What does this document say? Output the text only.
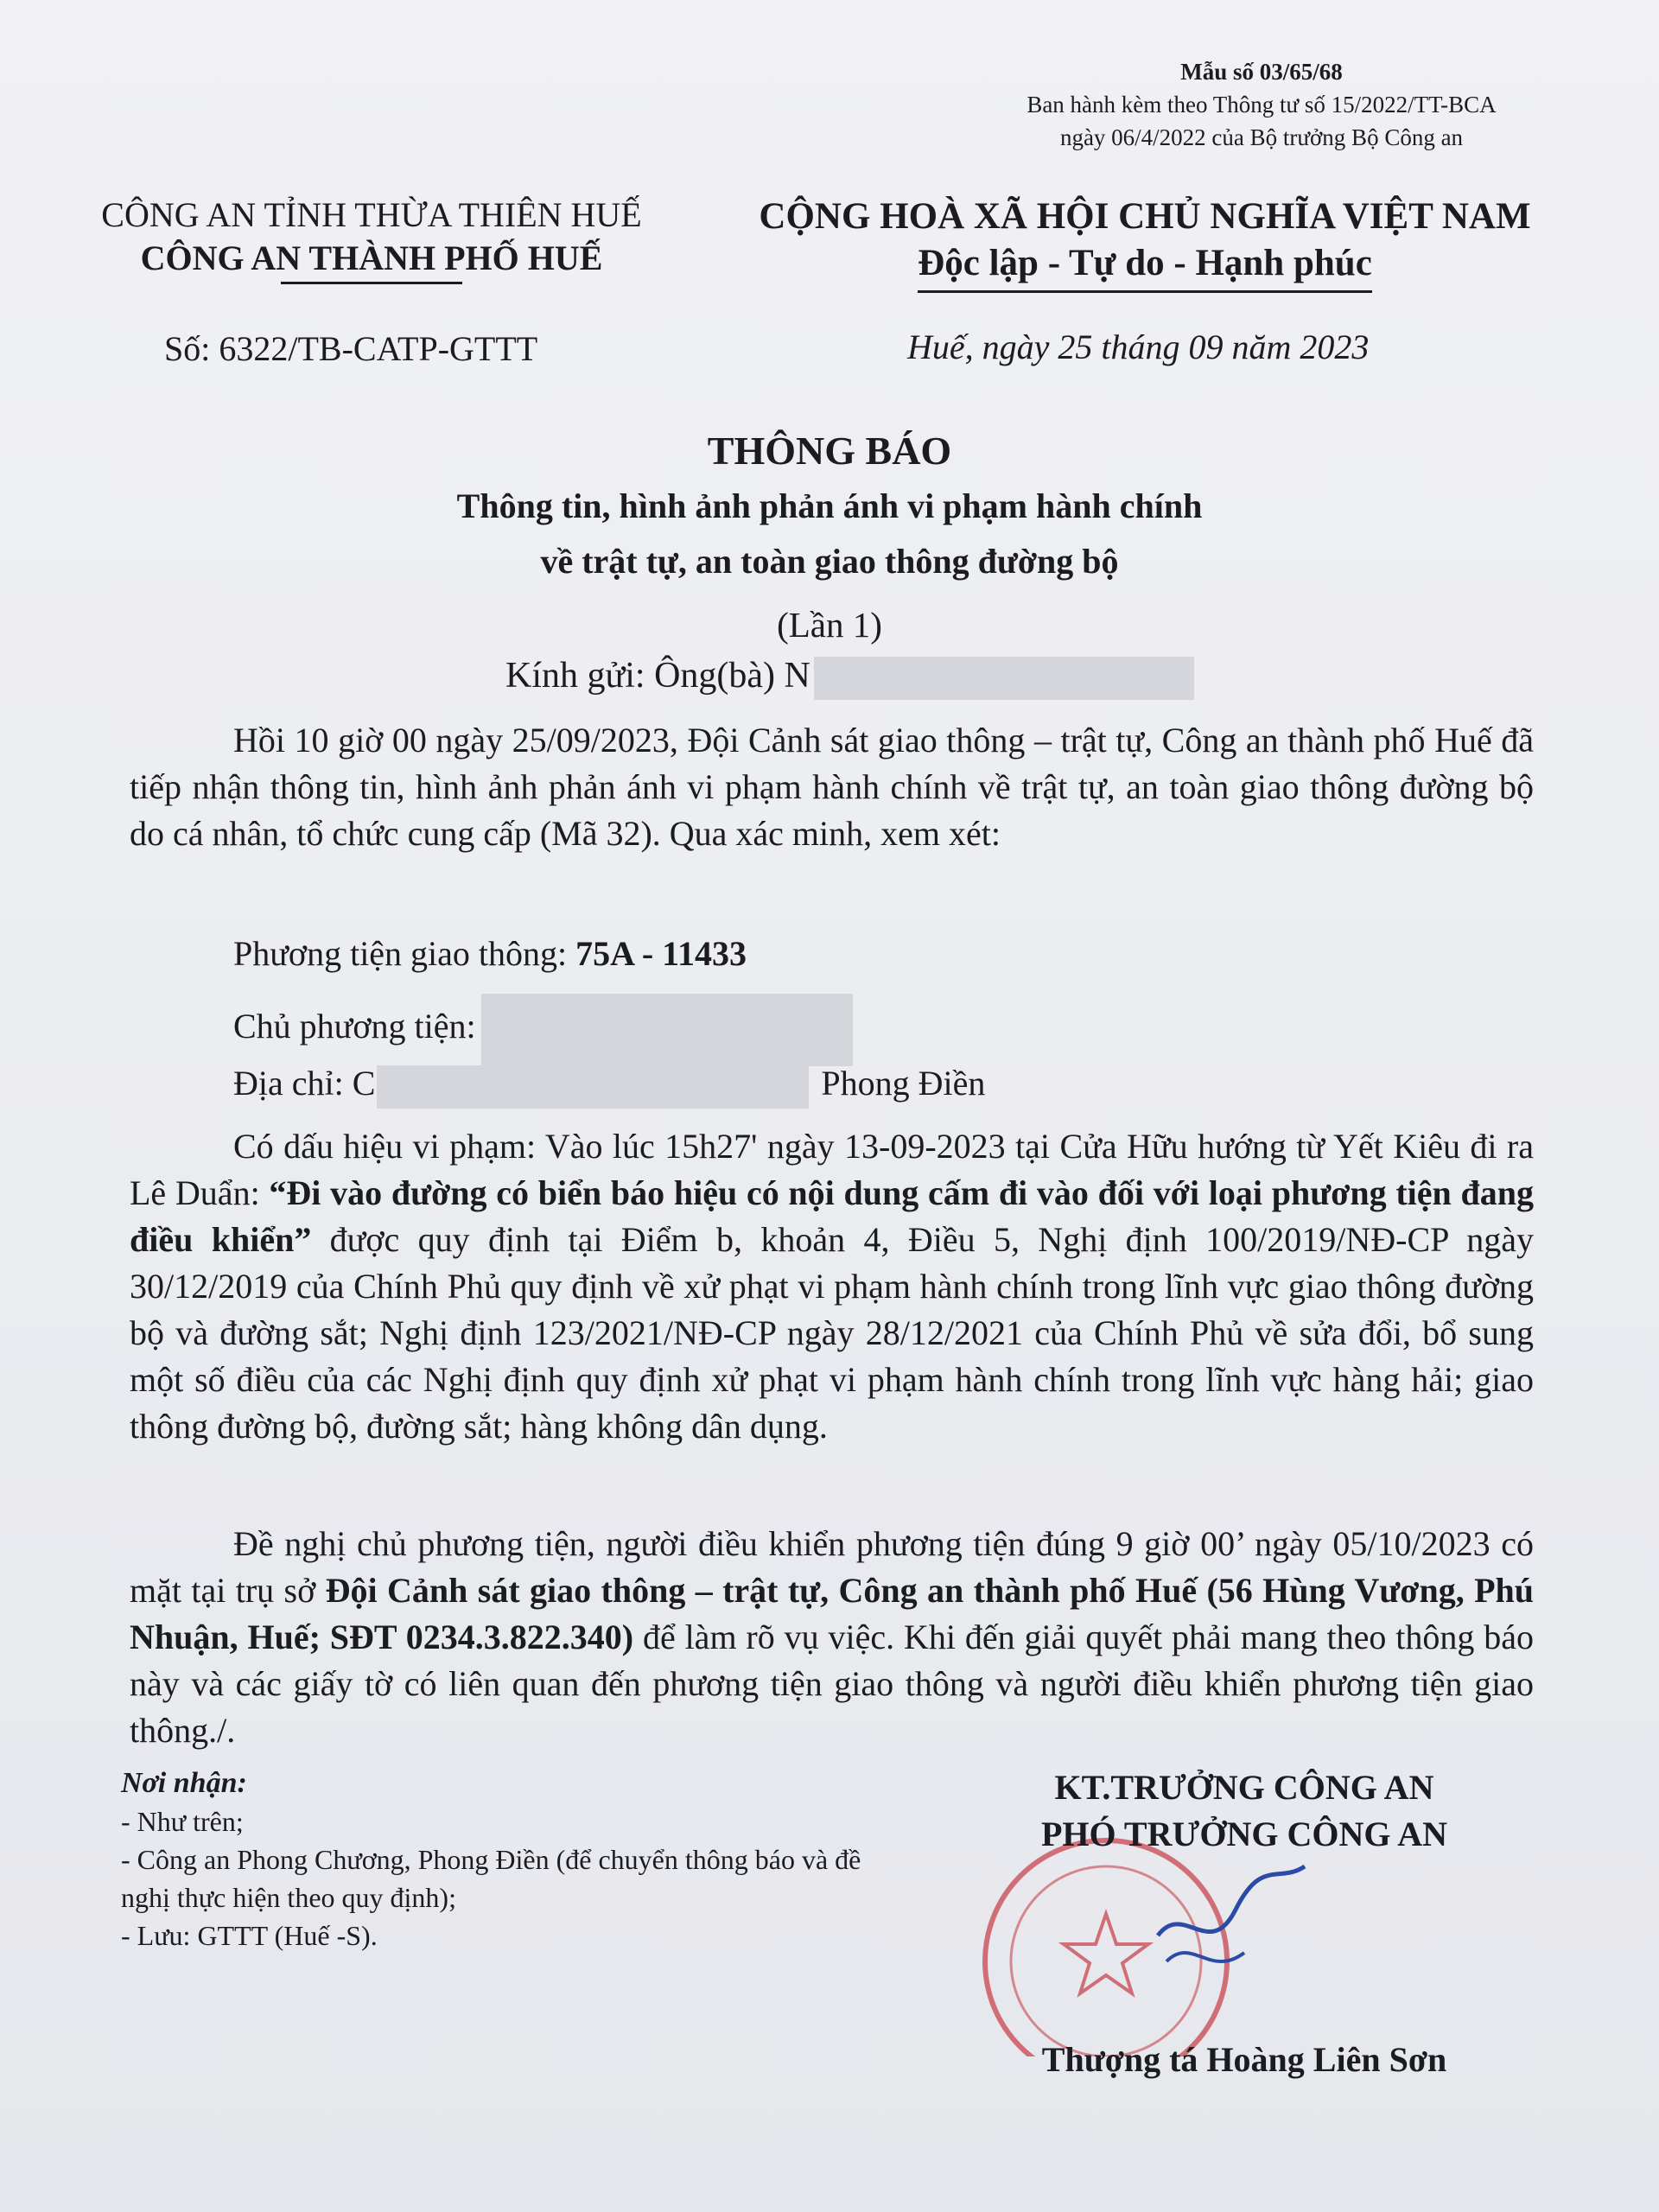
Mẫu số 03/65/68
Ban hành kèm theo Thông tư số 15/2022/TT-BCA
ngày 06/4/2022 của Bộ trưởng Bộ Công an
CÔNG AN TỈNH THỪA THIÊN HUẾ
CÔNG AN THÀNH PHỐ HUẾ
CỘNG HOÀ XÃ HỘI CHỦ NGHĨA VIỆT NAM
Độc lập - Tự do - Hạnh phúc
Số: 6322/TB-CATP-GTTT	Huế, ngày 25 tháng 09 năm 2023
THÔNG BÁO
Thông tin, hình ảnh phản ánh vi phạm hành chính
về trật tự, an toàn giao thông đường bộ
(Lần 1)
Kính gửi: Ông(bà) N
Hồi 10 giờ 00 ngày 25/09/2023, Đội Cảnh sát giao thông – trật tự, Công an thành phố Huế đã tiếp nhận thông tin, hình ảnh phản ánh vi phạm hành chính về trật tự, an toàn giao thông đường bộ do cá nhân, tổ chức cung cấp (Mã 32). Qua xác minh, xem xét:
Phương tiện giao thông: 75A - 11433
Chủ phương tiện:
Địa chỉ: C	Phong Điền
Có dấu hiệu vi phạm: Vào lúc 15h27' ngày 13-09-2023 tại Cửa Hữu hướng từ Yết Kiêu đi ra Lê Duẩn: “Đi vào đường có biển báo hiệu có nội dung cấm đi vào đối với loại phương tiện đang điều khiển” được quy định tại Điểm b, khoản 4, Điều 5, Nghị định 100/2019/NĐ-CP ngày 30/12/2019 của Chính Phủ quy định về xử phạt vi phạm hành chính trong lĩnh vực giao thông đường bộ và đường sắt; Nghị định 123/2021/NĐ-CP ngày 28/12/2021 của Chính Phủ về sửa đổi, bổ sung một số điều của các Nghị định quy định xử phạt vi phạm hành chính trong lĩnh vực hàng hải; giao thông đường bộ, đường sắt; hàng không dân dụng.
Đề nghị chủ phương tiện, người điều khiển phương tiện đúng 9 giờ 00’ ngày 05/10/2023 có mặt tại trụ sở Đội Cảnh sát giao thông – trật tự, Công an thành phố Huế (56 Hùng Vương, Phú Nhuận, Huế; SĐT 0234.3.822.340) để làm rõ vụ việc. Khi đến giải quyết phải mang theo thông báo này và các giấy tờ có liên quan đến phương tiện giao thông và người điều khiển phương tiện giao thông./.
Nơi nhận:
- Như trên;
- Công an Phong Chương, Phong Điền (để chuyển thông báo và đề nghị thực hiện theo quy định);
- Lưu: GTTT (Huế -S).
KT.TRƯỞNG CÔNG AN
PHÓ TRƯỞNG CÔNG AN
Thượng tá Hoàng Liên Sơn
